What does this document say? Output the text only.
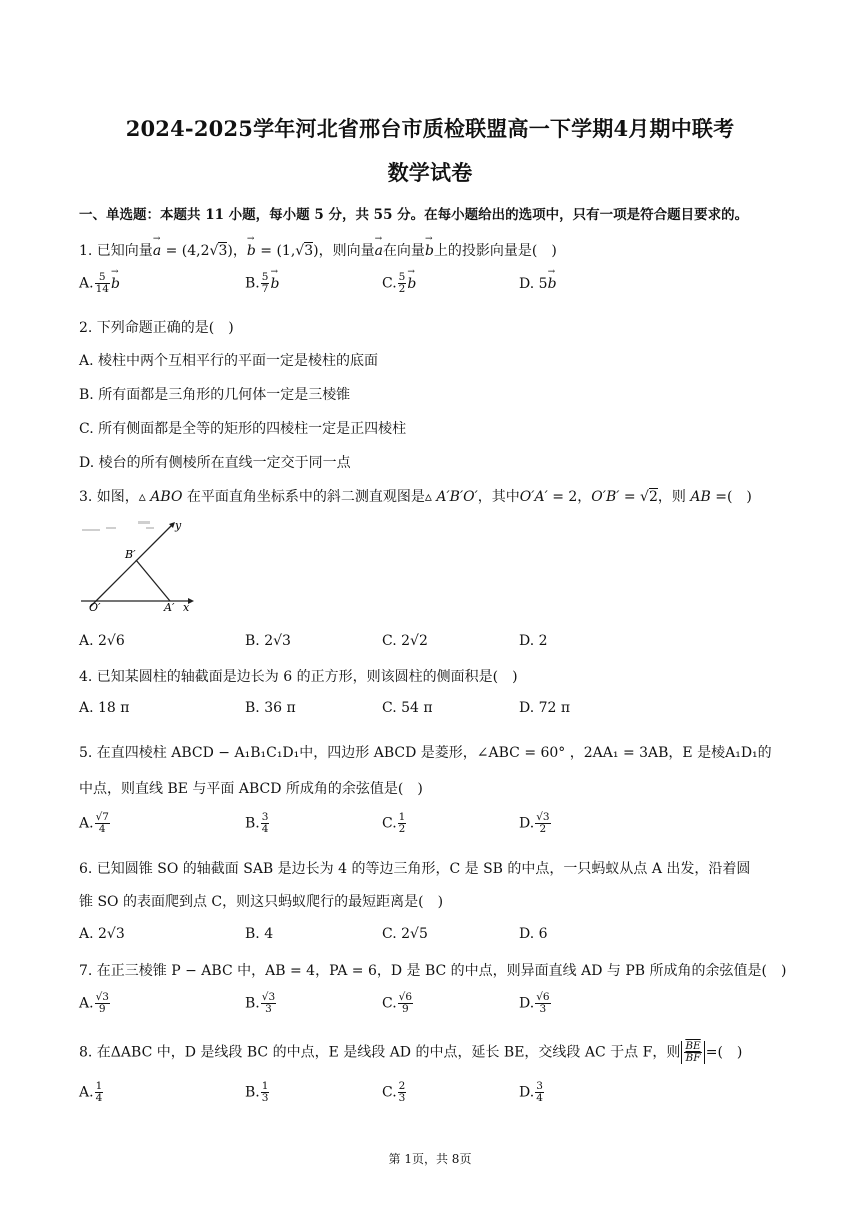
2024-2025学年河北省邢台市质检联盟高一下学期4月期中联考
数学试卷
一、单选题：本题共 11 小题，每小题 5 分，共 55 分。在每小题给出的选项中，只有一项是符合题目要求的。
1. 已知向量→ a = (4,2√3)，→ b = (1,√3)，则向量→ a在向量→ b上的投影向量是(　)
A. $\frac{5}{14} \to b$	B. $\frac{5}{7} \to b$	C. $\frac{5}{2} \to b$	D. 5→ b
2. 下列命题正确的是(　)
A. 棱柱中两个互相平行的平面一定是棱柱的底面
B. 所有面都是三角形的几何体一定是三棱锥
C. 所有侧面都是全等的矩形的四棱柱一定是正四棱柱
D. 棱台的所有侧棱所在直线一定交于同一点
3. 如图，▵ ABO 在平面直角坐标系中的斜二测直观图是▵ A′B′O′，其中O′A′ = 2，O′B′ = √2，则 AB =(　)
y
B′
O′	A′ x
A. 2√6	B. 2√3	C. 2√2	D. 2
4. 已知某圆柱的轴截面是边长为 6 的正方形，则该圆柱的侧面积是(　)
A. 18 π	B. 36 π	C. 54 π	D. 72 π
5. 在直四棱柱 ABCD − A₁B₁C₁D₁中，四边形 ABCD 是菱形，∠ABC = 60° ，2AA₁ = 3AB，E 是棱A₁D₁的
中点，则直线 BE 与平面 ABCD 所成角的余弦值是(　)
A. $\frac{√7}{4}$	B. $\frac{3}{4}$	C. $\frac{1}{2}$	D. $\frac{√3}{2}$
6. 已知圆锥 SO 的轴截面 SAB 是边长为 4 的等边三角形，C 是 SB 的中点，一只蚂蚁从点 A 出发，沿着圆
锥 SO 的表面爬到点 C，则这只蚂蚁爬行的最短距离是(　)
A. 2√3	B. 4	C. 2√5	D. 6
7. 在正三棱锥 P − ABC 中，AB = 4，PA = 6，D 是 BC 的中点，则异面直线 AD 与 PB 所成角的余弦值是(　)
A. $\frac{√3}{9}$	B. $\frac{√3}{3}$	C. $\frac{√6}{9}$	D. $\frac{√6}{3}$
8. 在ΔABC 中，D 是线段 BC 的中点，E 是线段 AD 的中点，延长 BE，交线段 AC 于点 F，则 $\frac{\overline{BE}}{BF}$ =(　)
A. $\frac{1}{4}$	B. $\frac{1}{3}$	C. $\frac{2}{3}$	D. $\frac{3}{4}$
第 1页，共 8页
